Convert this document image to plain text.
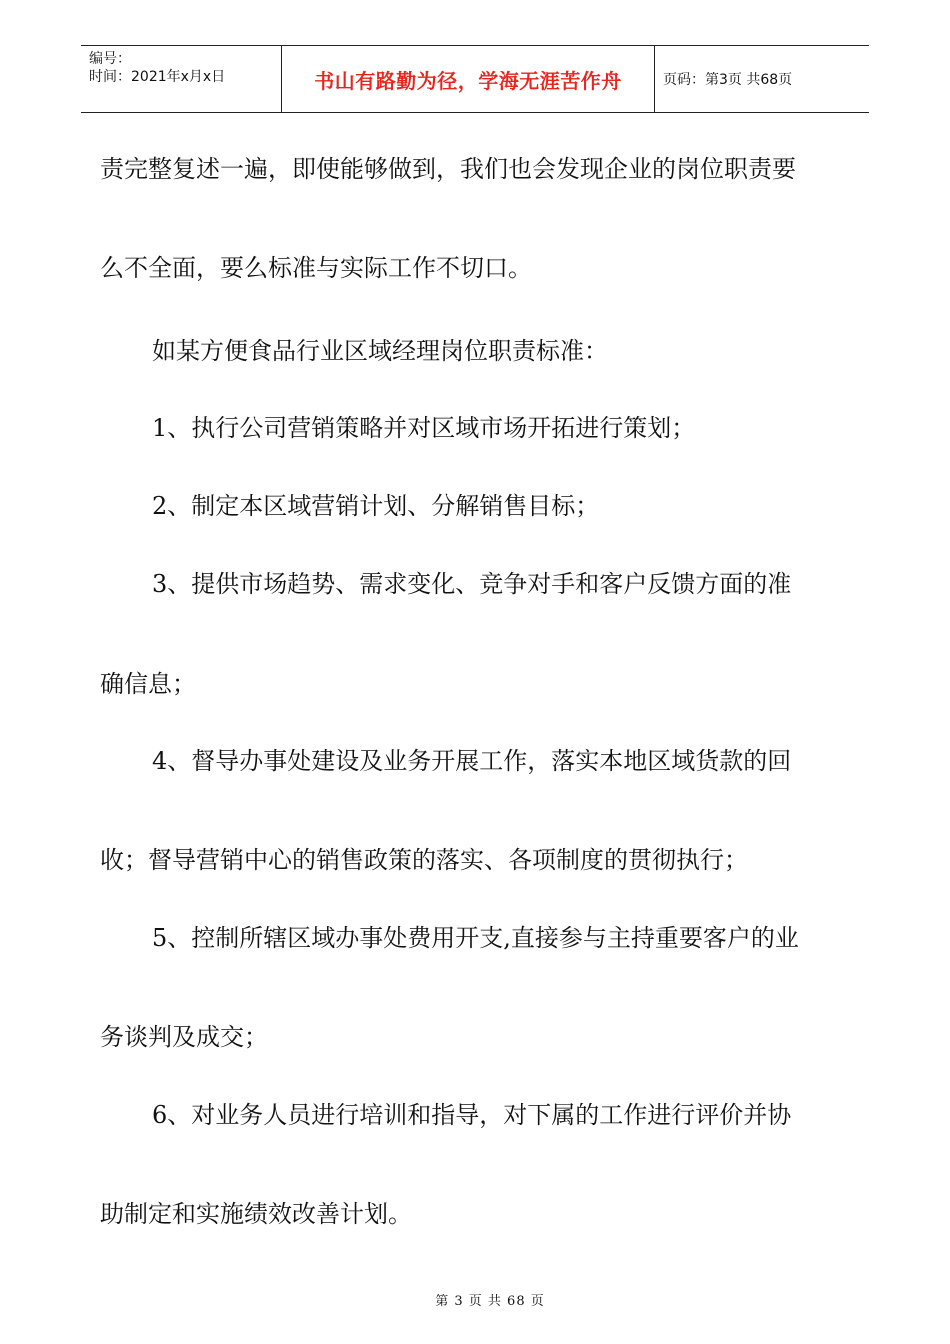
编号：
时间：2021年x月x日	书山有路勤为径，学海无涯苦作舟	页码：第3页 共68页
责完整复述一遍，即使能够做到，我们也会发现企业的岗位职责要
么不全面，要么标准与实际工作不切口。
如某方便食品行业区域经理岗位职责标准：
1、执行公司营销策略并对区域市场开拓进行策划；
2、制定本区域营销计划、分解销售目标；
3、提供市场趋势、需求变化、竞争对手和客户反馈方面的准
确信息；
4、督导办事处建设及业务开展工作，落实本地区域货款的回
收；督导营销中心的销售政策的落实、各项制度的贯彻执行；
5、控制所辖区域办事处费用开支,直接参与主持重要客户的业
务谈判及成交；
6、对业务人员进行培训和指导，对下属的工作进行评价并协
助制定和实施绩效改善计划。
第 3 页 共 68 页
